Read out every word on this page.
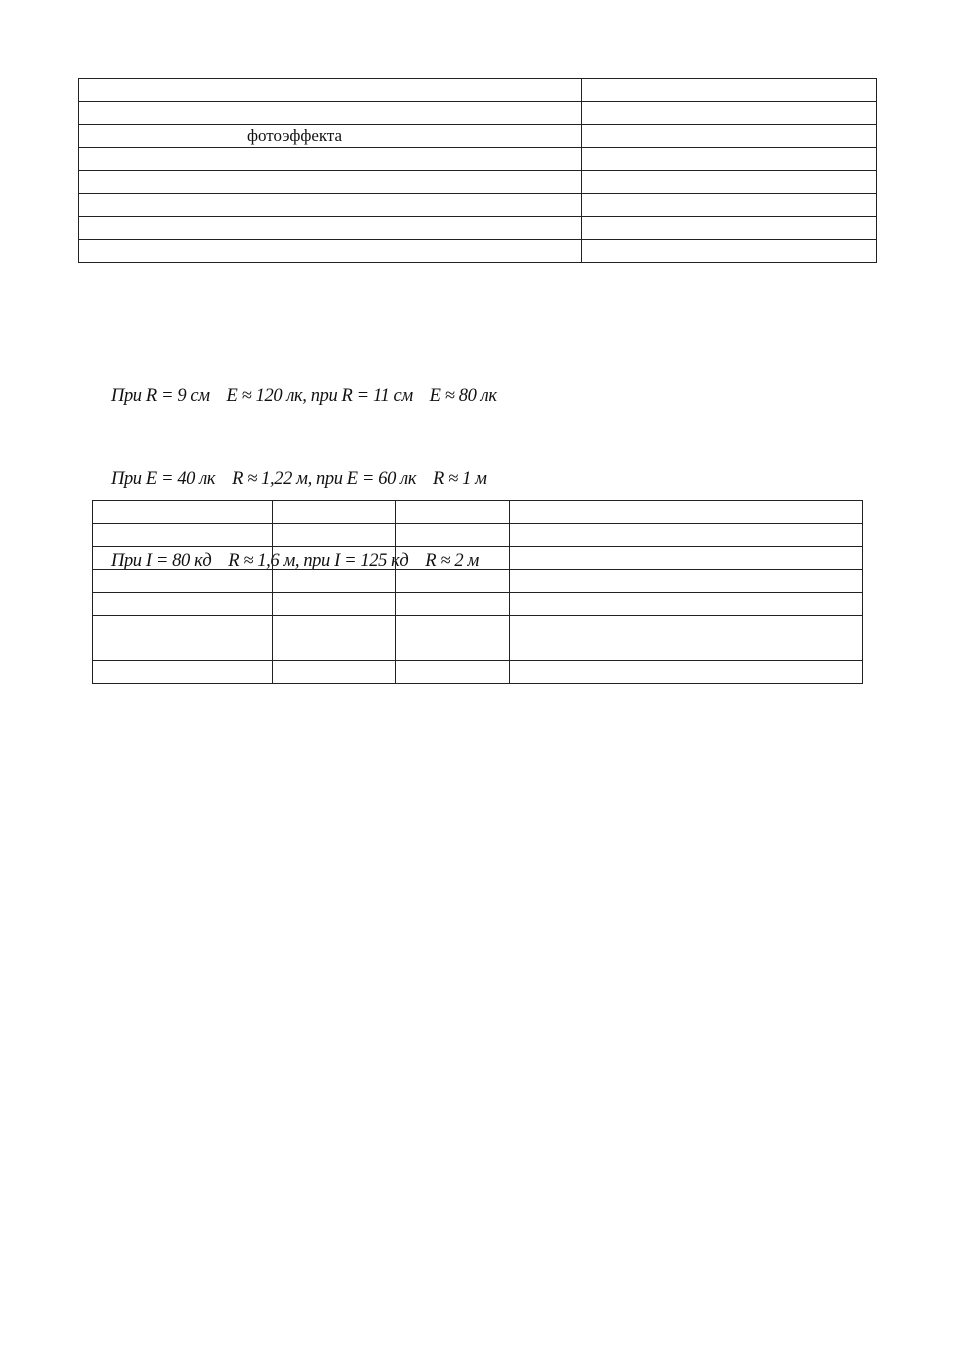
фотоэффекта	

При R = 9 см    E ≈ 120 лк, при R = 11 см    E ≈ 80 лк

При E = 40 лк    R ≈ 1,22 м, при E = 60 лк    R ≈ 1 м

При I = 80 кд    R ≈ 1,6 м, при I = 125 кд    R ≈ 2 м
